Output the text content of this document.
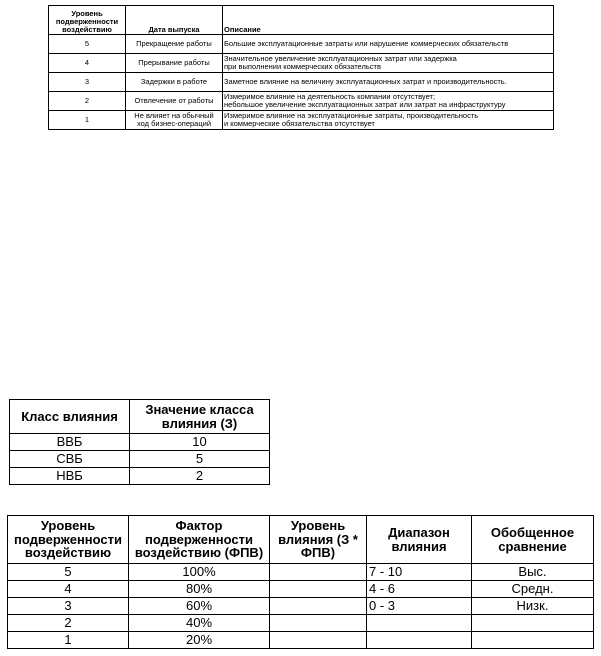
Уровень подверженности воздействию	Дата выпуска	Описание
5	Прекращение работы	Большие эксплуатационные затраты или нарушение коммерческих обязательств
4	Прерывание работы	Значительное увеличение эксплуатационных затрат или задержка
при выполнении коммерческих обязательств
3	Задержки в работе	Заметное влияние на величину эксплуатационных затрат и производительность.
2	Отвлечение от работы	Измеримое влияние на деятельность компании отсутствует;
небольшое увеличение эксплуатационных затрат или затрат на инфраструктуру
1	Не влияет на обычный
ход бизнес-операций	Измеримое влияние на эксплуатационные затраты, производительность
и коммерческие обязательства отсутствует
Класс влияния	Значение класса влияния (З)
ВВБ	10
СВБ	5
НВБ	2
Уровень подверженности воздействию	Фактор подверженности воздействию (ФПВ)	Уровень влияния (З * ФПВ)	Диапазон влияния	Обобщенное сравнение
5	100%		7 - 10	Выс.
4	80%		4 - 6	Средн.
3	60%		0 - 3	Низк.
2	40%			
1	20%			
